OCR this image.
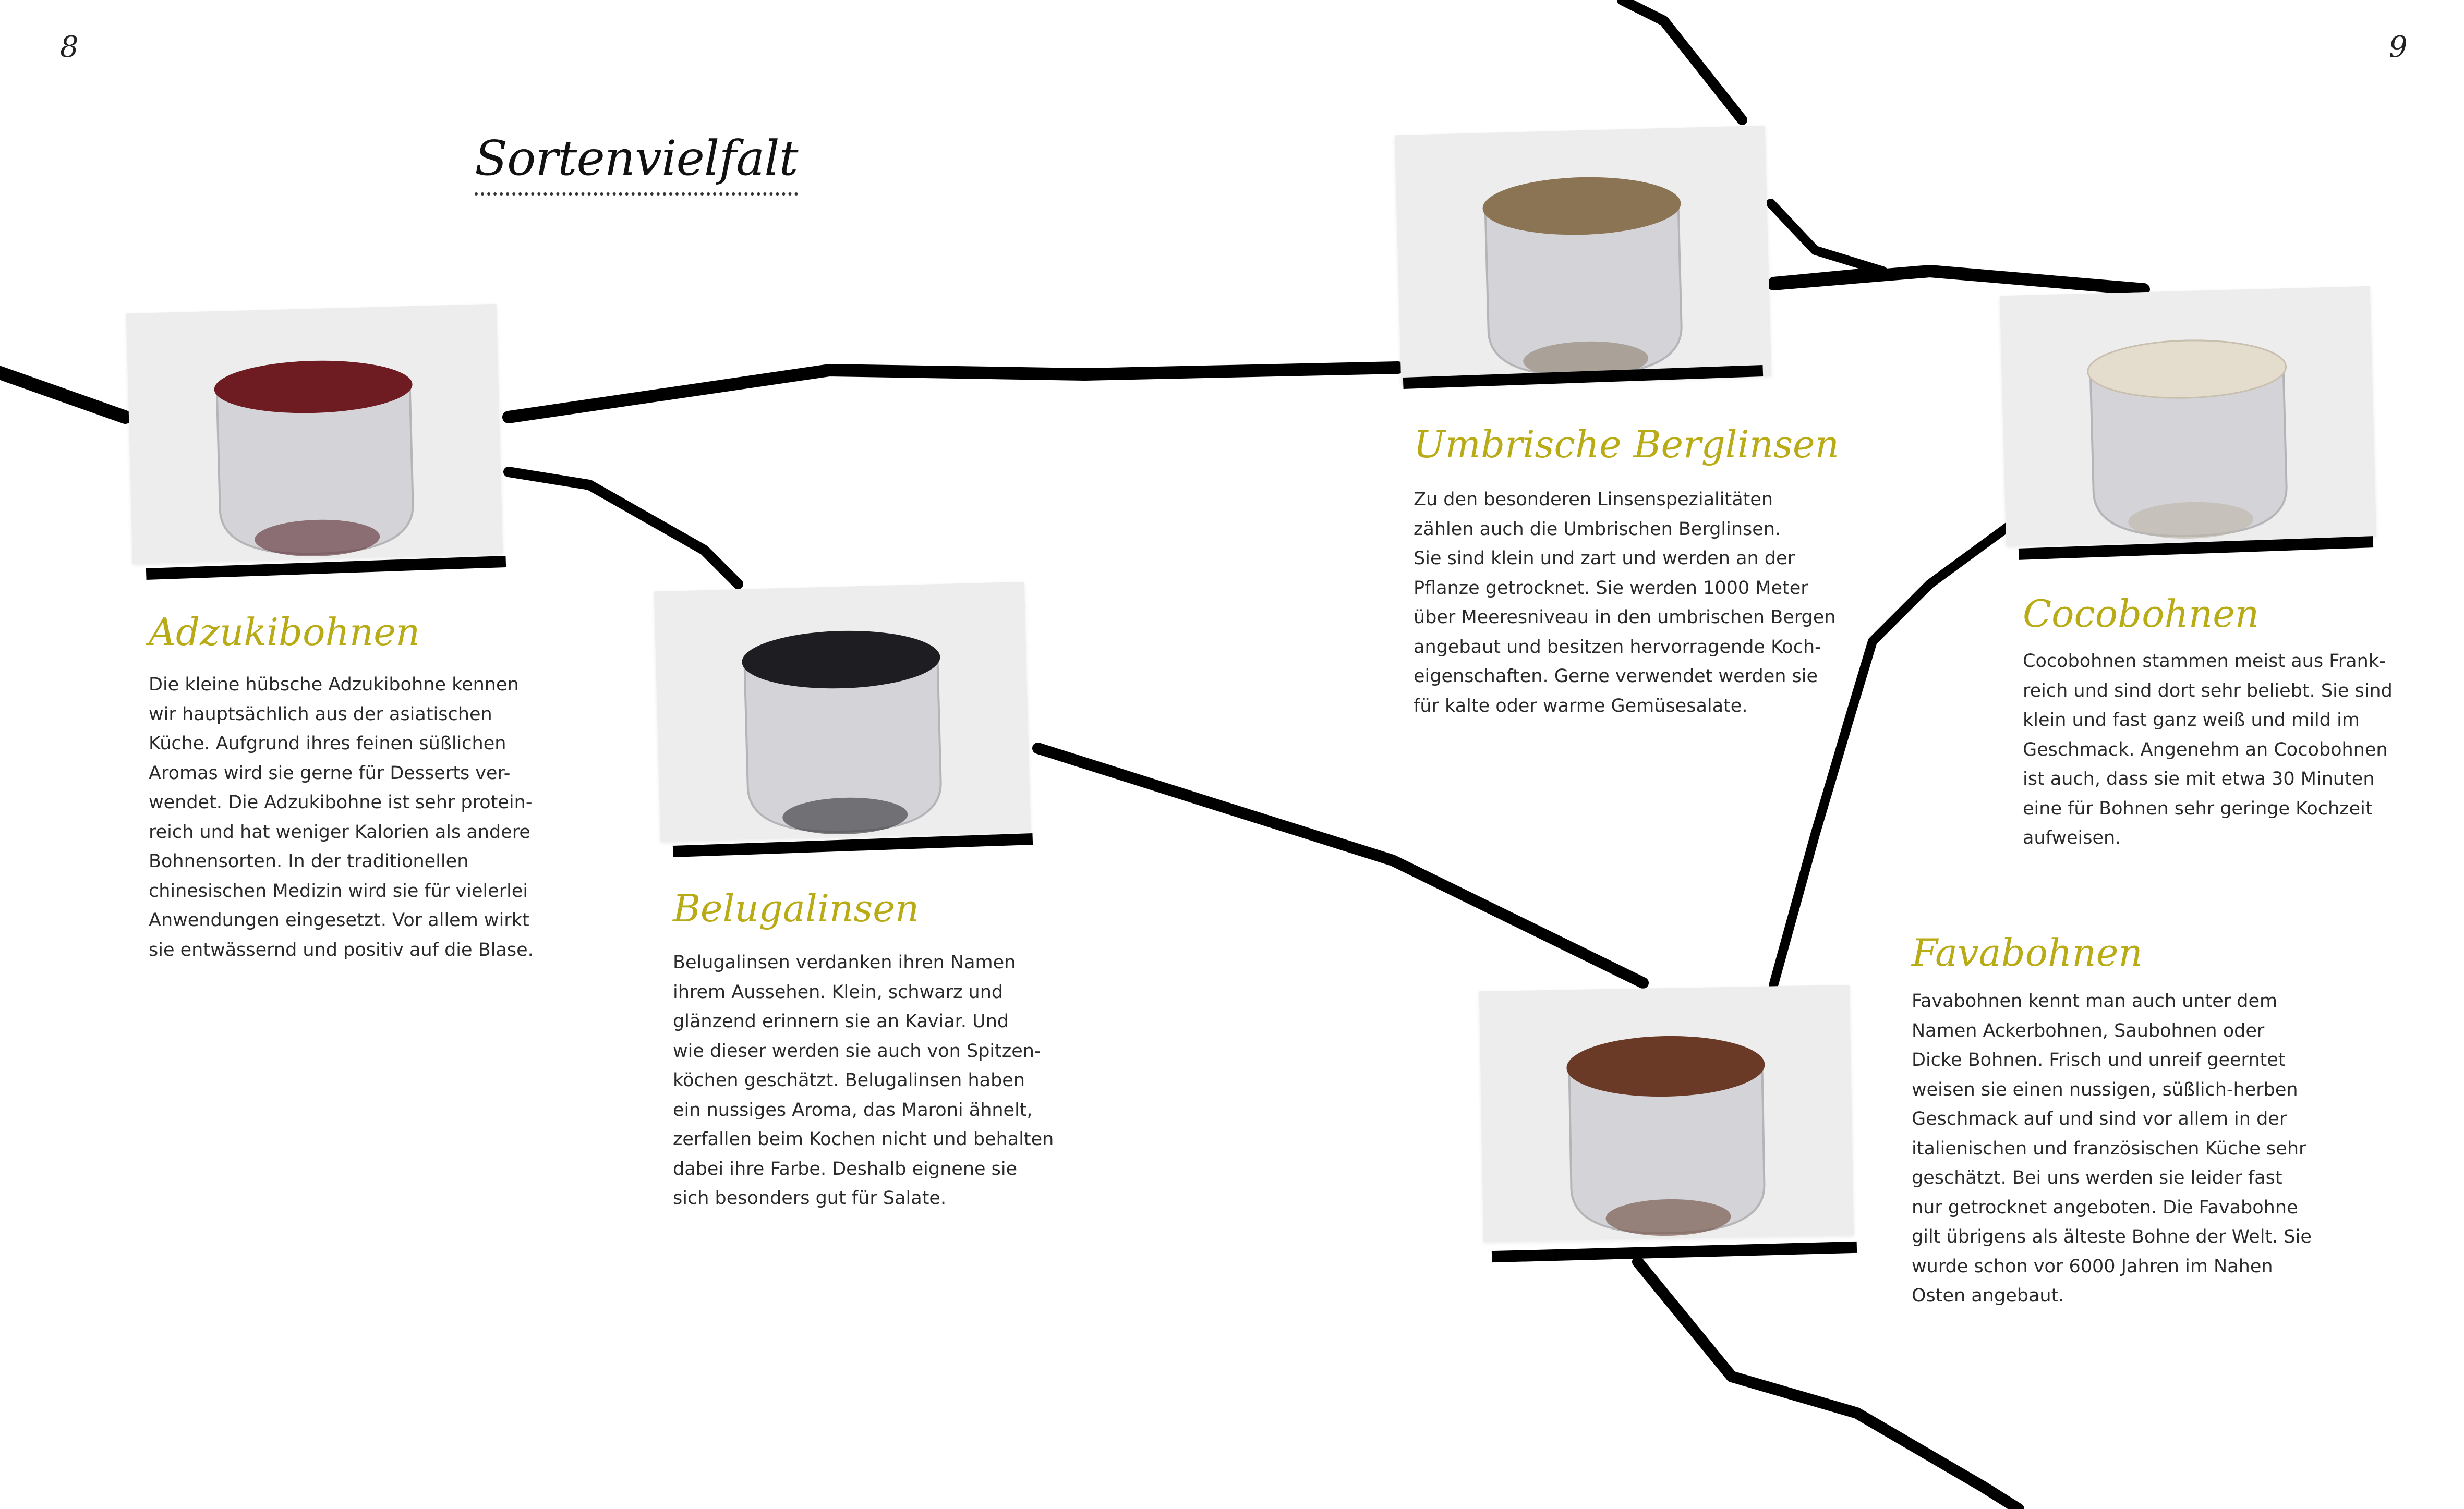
8	9
Sortenvielfalt
Adzukibohnen
Die kleine hübsche Adzukibohne kennen
wir hauptsächlich aus der asiatischen
Küche. Aufgrund ihres feinen süßlichen
Aromas wird sie gerne für Desserts ver-
wendet. Die Adzukibohne ist sehr protein-
reich und hat weniger Kalorien als andere
Bohnensorten. In der traditionellen
chinesischen Medizin wird sie für vielerlei
Anwendungen eingesetzt. Vor allem wirkt
sie entwässernd und positiv auf die Blase.
Belugalinsen
Belugalinsen verdanken ihren Namen
ihrem Aussehen. Klein, schwarz und
glänzend erinnern sie an Kaviar. Und
wie dieser werden sie auch von Spitzen-
köchen geschätzt. Belugalinsen haben
ein nussiges Aroma, das Maroni ähnelt,
zerfallen beim Kochen nicht und behalten
dabei ihre Farbe. Deshalb eignene sie
sich besonders gut für Salate.
Umbrische Berglinsen
Zu den besonderen Linsenspezialitäten
zählen auch die Umbrischen Berglinsen.
Sie sind klein und zart und werden an der
Pflanze getrocknet. Sie werden 1000 Meter
über Meeresniveau in den umbrischen Bergen
angebaut und besitzen hervorragende Koch-
eigenschaften. Gerne verwendet werden sie
für kalte oder warme Gemüsesalate.
Cocobohnen
Cocobohnen stammen meist aus Frank-
reich und sind dort sehr beliebt. Sie sind
klein und fast ganz weiß und mild im
Geschmack. Angenehm an Cocobohnen
ist auch, dass sie mit etwa 30 Minuten
eine für Bohnen sehr geringe Kochzeit
aufweisen.
Favabohnen
Favabohnen kennt man auch unter dem
Namen Ackerbohnen, Saubohnen oder
Dicke Bohnen. Frisch und unreif geerntet
weisen sie einen nussigen, süßlich-herben
Geschmack auf und sind vor allem in der
italienischen und französischen Küche sehr
geschätzt. Bei uns werden sie leider fast
nur getrocknet angeboten. Die Favabohne
gilt übrigens als älteste Bohne der Welt. Sie
wurde schon vor 6000 Jahren im Nahen
Osten angebaut.
